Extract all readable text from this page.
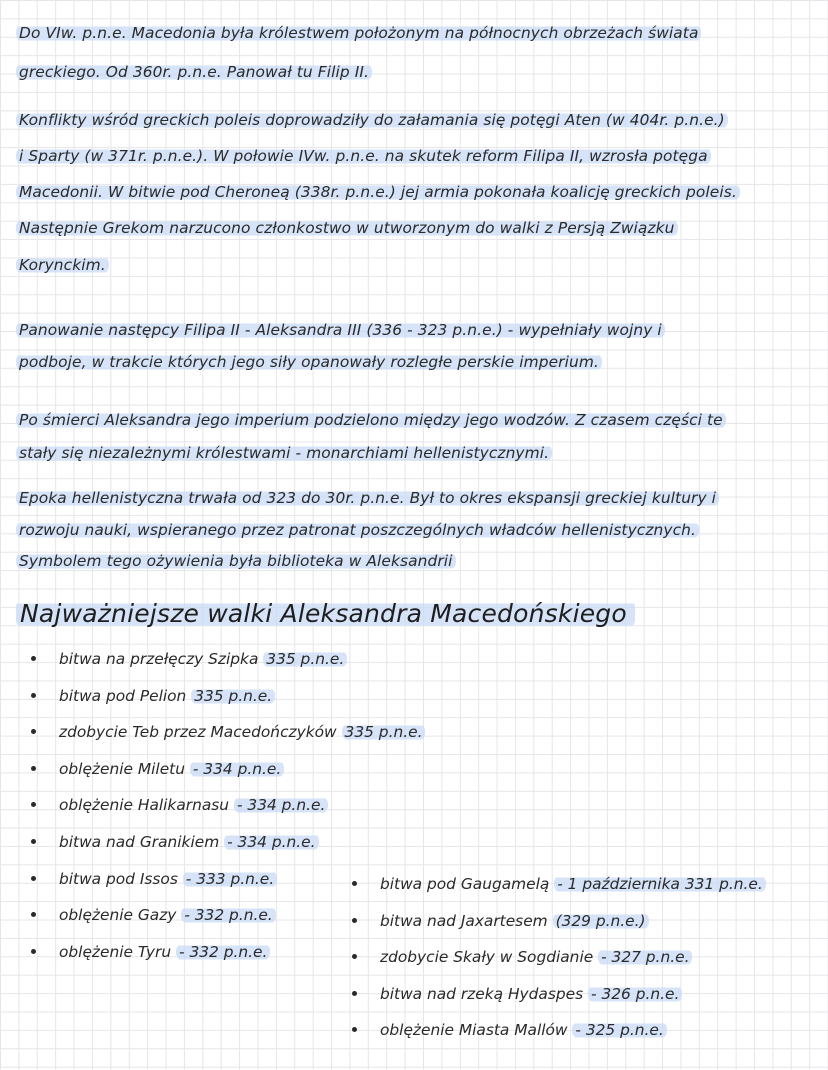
Do VIw. p.n.e. Macedonia była królestwem położonym na północnych obrzeżach świata
greckiego. Od 360r. p.n.e. Panował tu Filip II.
Konflikty wśród greckich poleis doprowadziły do załamania się potęgi Aten (w 404r. p.n.e.)
i Sparty (w 371r. p.n.e.). W połowie IVw. p.n.e. na skutek reform Filipa II, wzrosła potęga
Macedonii. W bitwie pod Cheroneą (338r. p.n.e.) jej armia pokonała koalicję greckich poleis.
Następnie Grekom narzucono członkostwo w utworzonym do walki z Persją Związku
Korynckim.
Panowanie następcy Filipa II - Aleksandra III (336 - 323 p.n.e.) - wypełniały wojny i
podboje, w trakcie których jego siły opanowały rozległe perskie imperium.
Po śmierci Aleksandra jego imperium podzielono między jego wodzów. Z czasem części te
stały się niezależnymi królestwami - monarchiami hellenistycznymi.
Epoka hellenistyczna trwała od 323 do 30r. p.n.e. Był to okres ekspansji greckiej kultury i
rozwoju nauki, wspieranego przez patronat poszczególnych władców hellenistycznych.
Symbolem tego ożywienia była biblioteka w Aleksandrii
Najważniejsze walki Aleksandra Macedońskiego
bitwa na przełęczy Szipka 335 p.n.e.
bitwa pod Pelion 335 p.n.e.
zdobycie Teb przez Macedończyków 335 p.n.e.
oblężenie Miletu - 334 p.n.e.
oblężenie Halikarnasu - 334 p.n.e.
bitwa nad Granikiem - 334 p.n.e.
bitwa pod Issos - 333 p.n.e.
oblężenie Gazy - 332 p.n.e.
oblężenie Tyru - 332 p.n.e.
bitwa pod Gaugamelą - 1 października 331 p.n.e.
bitwa nad Jaxartesem (329 p.n.e.)
zdobycie Skały w Sogdianie - 327 p.n.e.
bitwa nad rzeką Hydaspes - 326 p.n.e.
oblężenie Miasta Mallów - 325 p.n.e.
